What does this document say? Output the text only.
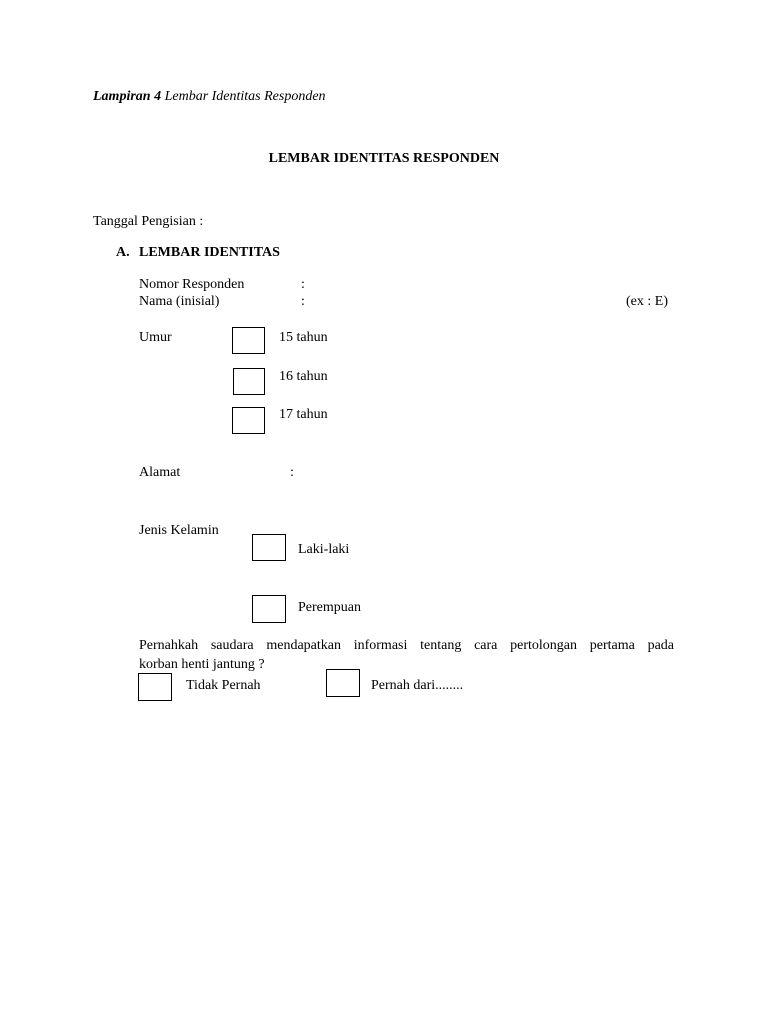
Lampiran 4 Lembar Identitas Responden
LEMBAR IDENTITAS RESPONDEN
Tanggal Pengisian :
A. LEMBAR IDENTITAS
Nomor Responden	:
Nama (inisial)	:	(ex : E)
Umur	15 tahun
16 tahun
17 tahun
Alamat	:
Jenis Kelamin
Laki-laki
Perempuan
Pernahkah saudara mendapatkan informasi tentang cara pertolongan pertama pada
korban henti jantung ?
Tidak Pernah	Pernah dari........
